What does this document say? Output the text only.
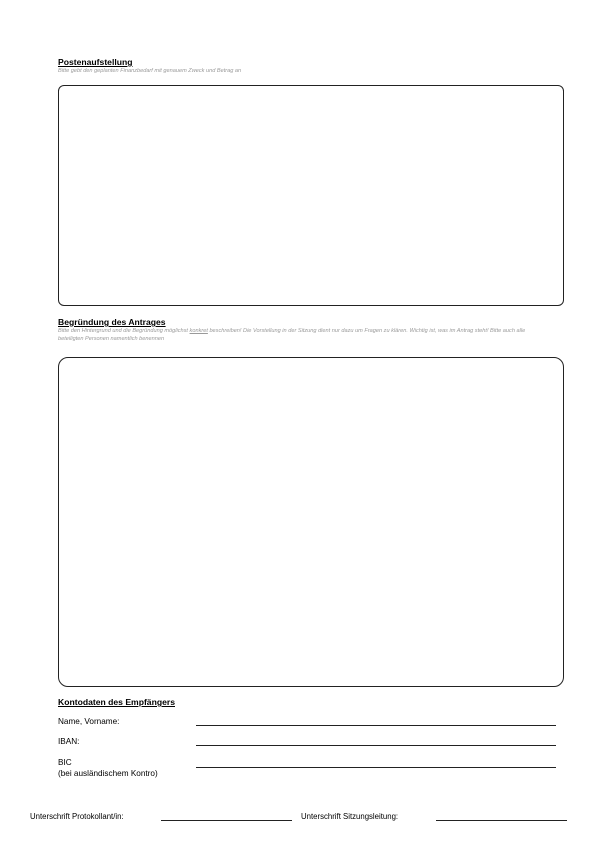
Postenaufstellung
Bitte gebt den geplanten Finanzbedarf mit genauem Zweck und Betrag an
Begründung des Antrages
Bitte den Hintergrund und die Begründung möglichst konkret beschreiben! Die Vorstellung in der Sitzung dient nur dazu um Fragen zu klären. Wichtig ist, was im Antrag steht! Bitte auch alle beteiligten Personen namentlich benennen
Kontodaten des Empfängers
Name, Vorname:
IBAN:
BIC
(bei ausländischem Kontro)
Unterschrift Protokollant/in:	Unterschrift Sitzungsleitung:
